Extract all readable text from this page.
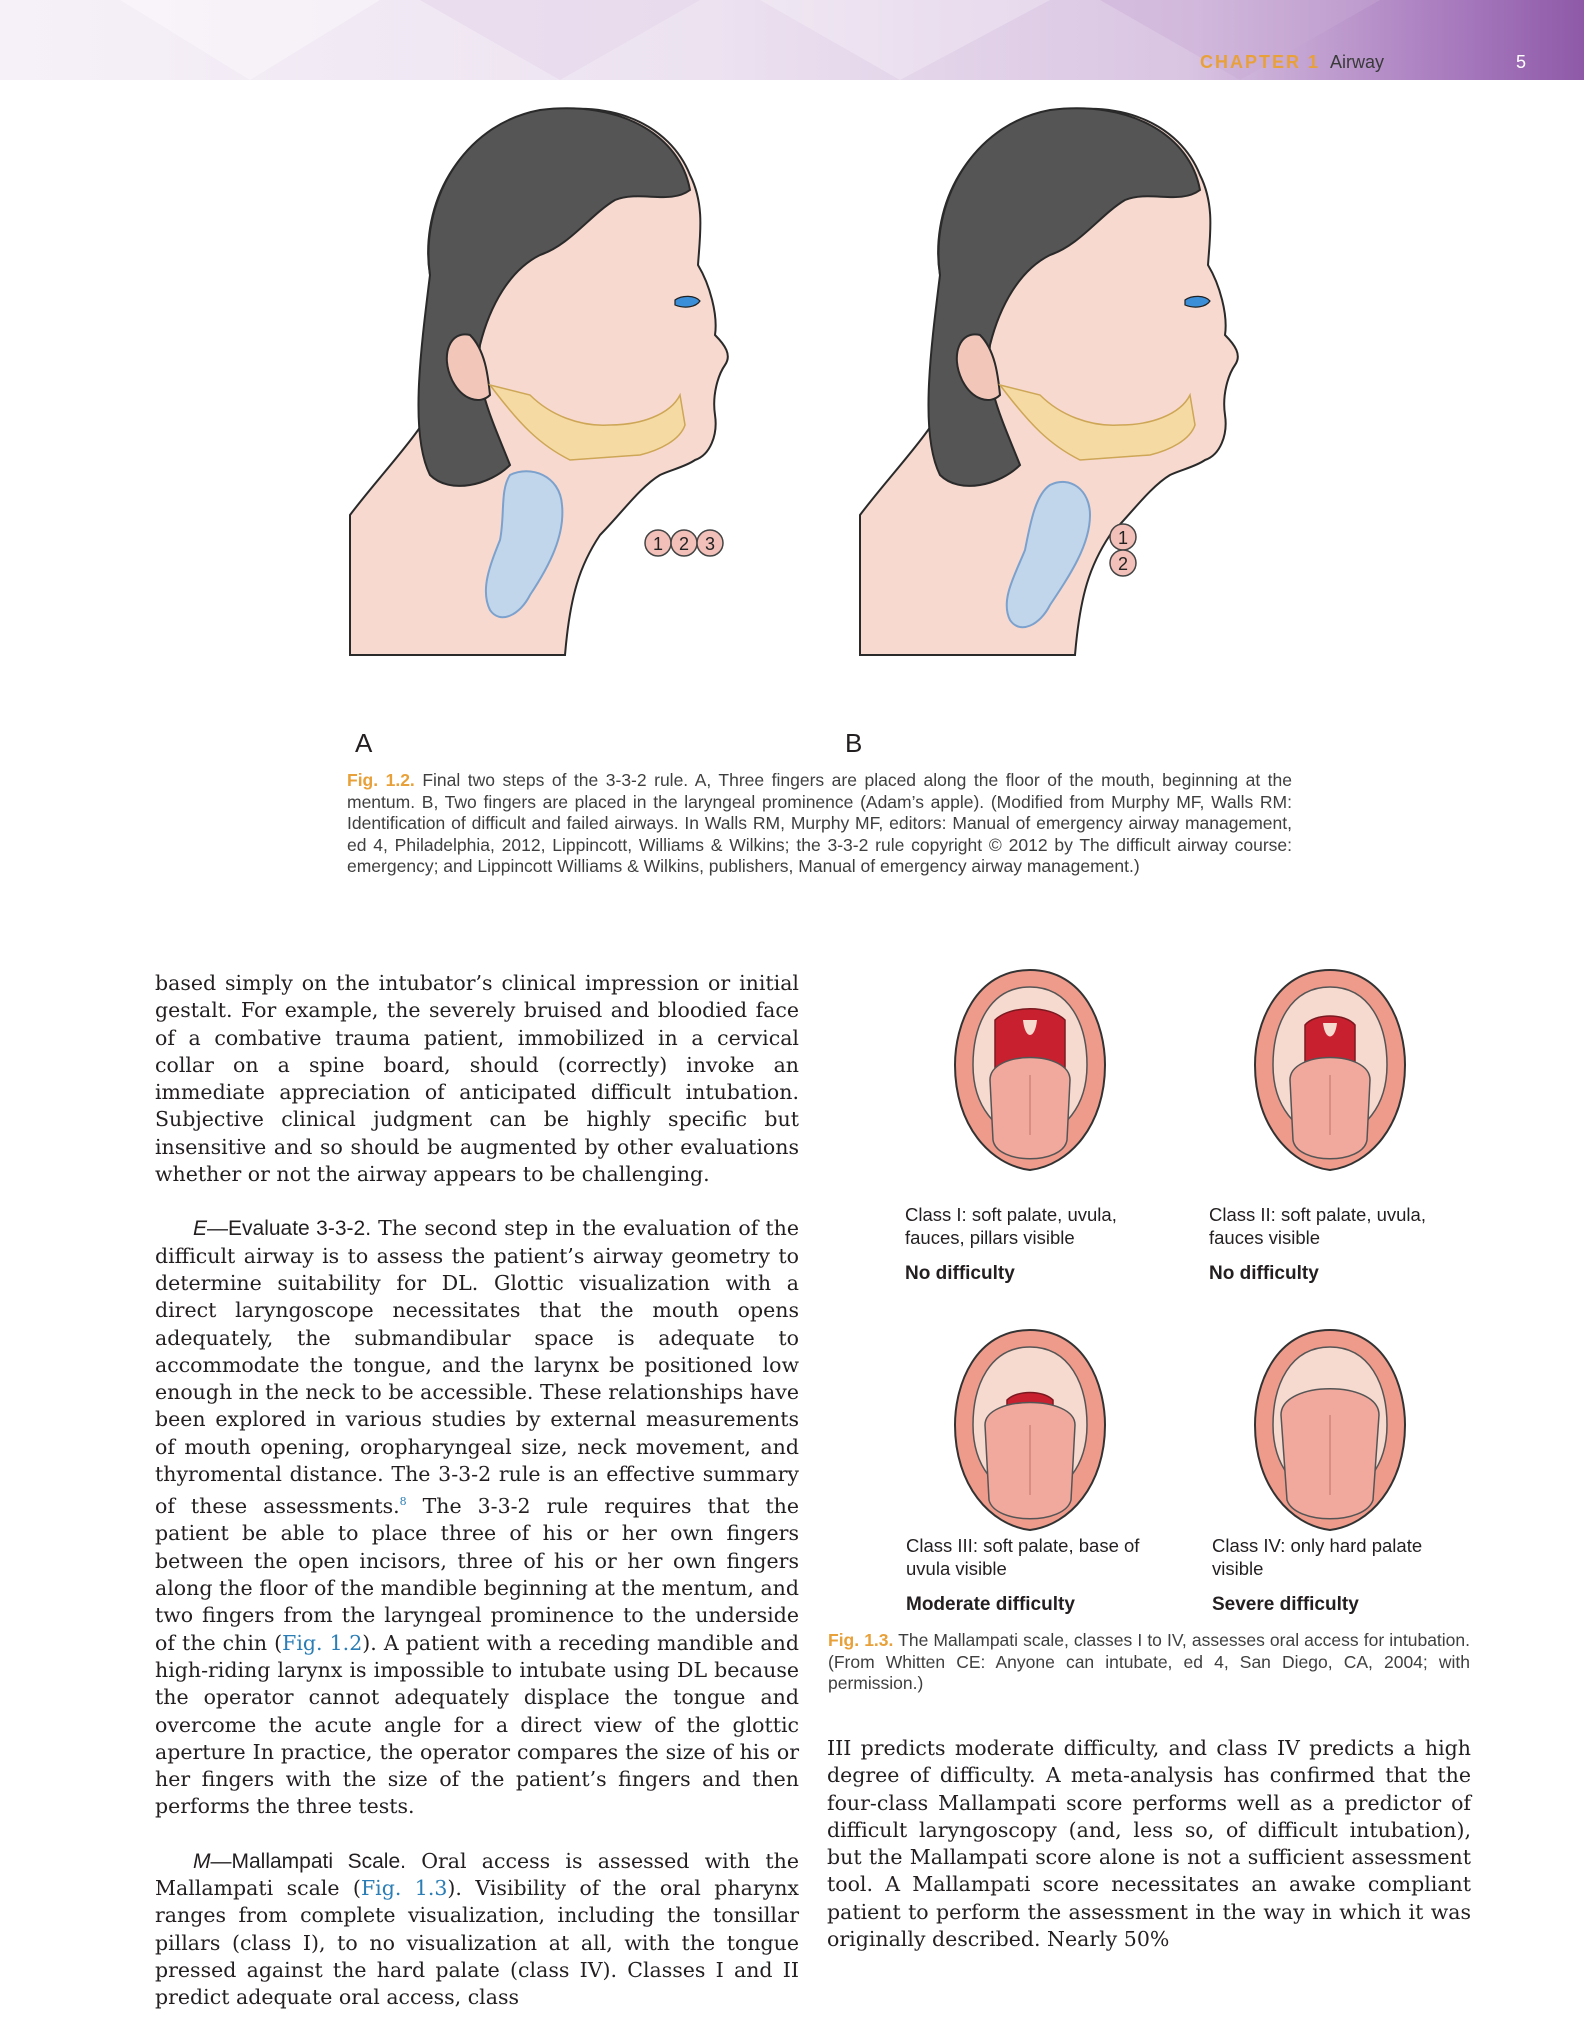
CHAPTER 1 Airway	5
1 2 3	1
2
A	B
Fig. 1.2. Final two steps of the 3-3-2 rule. A, Three fingers are placed along the floor of the mouth, beginning at the mentum. B, Two fingers are placed in the laryngeal prominence (Adam’s apple). (Modified from Murphy MF, Walls RM: Identification of difficult and failed airways. In Walls RM, Murphy MF, editors: Manual of emergency airway management, ed 4, Philadelphia, 2012, Lippincott, Williams & Wilkins; the 3-3-2 rule copyright © 2012 by The difficult airway course: emergency; and Lippincott Williams & Wilkins, publishers, Manual of emergency airway management.)

based simply on the intubator’s clinical impression or initial gestalt. For example, the severely bruised and bloodied face of a combative trauma patient, immobilized in a cervical collar on a spine board, should (correctly) invoke an immediate appreciation of anticipated difficult intubation. Subjective clinical judgment can be highly specific but insensitive and so should be augmented by other evaluations whether or not the airway appears to be challenging.

E—Evaluate 3-3-2. The second step in the evaluation of the difficult airway is to assess the patient’s airway geometry to determine suitability for DL. Glottic visualization with a direct laryngoscope necessitates that the mouth opens adequately, the submandibular space is adequate to accommodate the tongue, and the larynx be positioned low enough in the neck to be accessible. These relationships have been explored in various studies by external measurements of mouth opening, oropharyngeal size, neck movement, and thyromental distance. The 3-3-2 rule is an effective summary of these assessments.$^8$ The 3-3-2 rule requires that the patient be able to place three of his or her own fingers between the open incisors, three of his or her own fingers along the floor of the mandible beginning at the mentum, and two fingers from the laryngeal prominence to the underside of the chin (Fig. 1.2). A patient with a receding mandible and high-riding larynx is impossible to intubate using DL because the operator cannot adequately displace the tongue and overcome the acute angle for a direct view of the glottic aperture In practice, the operator compares the size of his or her fingers with the size of the patient’s fingers and then performs the three tests.

M—Mallampati Scale. Oral access is assessed with the Mallampati scale (Fig. 1.3). Visibility of the oral pharynx ranges from complete visualization, including the tonsillar pillars (class I), to no visualization at all, with the tongue pressed against the hard palate (class IV). Classes I and II predict adequate oral access, class

Class I: soft palate, uvula, fauces, pillars visible
No difficulty
Class II: soft palate, uvula, fauces visible
No difficulty
Class III: soft palate, base of uvula visible
Moderate difficulty
Class IV: only hard palate visible
Severe difficulty
Fig. 1.3. The Mallampati scale, classes I to IV, assesses oral access for intubation. (From Whitten CE: Anyone can intubate, ed 4, San Diego, CA, 2004; with permission.)

III predicts moderate difficulty, and class IV predicts a high degree of difficulty. A meta-analysis has confirmed that the four-class Mallampati score performs well as a predictor of difficult laryngoscopy (and, less so, of difficult intubation), but the Mallampati score alone is not a sufficient assessment tool. A Mallampati score necessitates an awake compliant patient to perform the assessment in the way in which it was originally described. Nearly 50%
